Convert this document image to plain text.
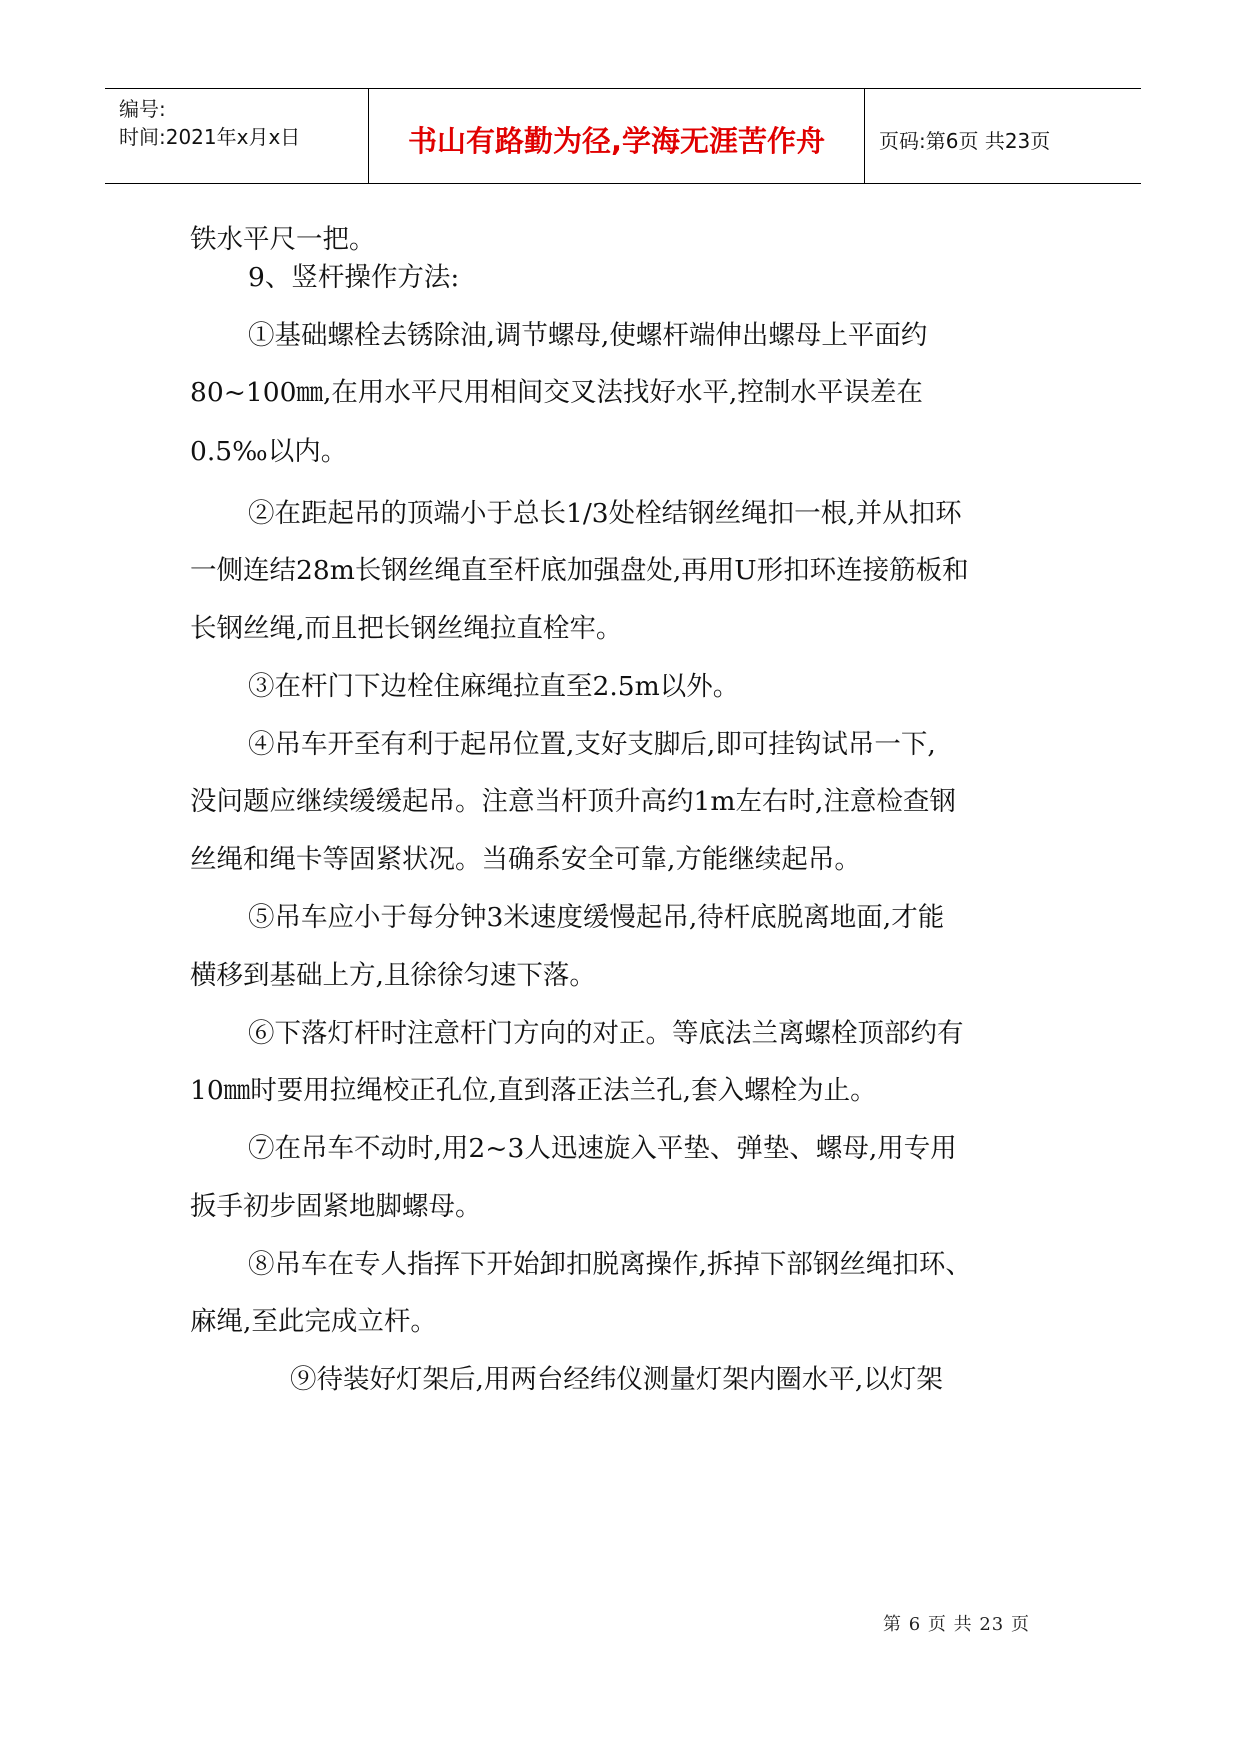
编号:
时间:2021年x月x日	书山有路勤为径,学海无涯苦作舟	页码:第6页 共23页

铁水平尺一把。

9、竖杆操作方法:

①基础螺栓去锈除油,调节螺母,使螺杆端伸出螺母上平面约

80~100㎜,在用水平尺用相间交叉法找好水平,控制水平误差在

0.5‰以内。

②在距起吊的顶端小于总长1/3处栓结钢丝绳扣一根,并从扣环

一侧连结28m长钢丝绳直至杆底加强盘处,再用U形扣环连接筋板和

长钢丝绳,而且把长钢丝绳拉直栓牢。

③在杆门下边栓住麻绳拉直至2.5m以外。

④吊车开至有利于起吊位置,支好支脚后,即可挂钩试吊一下,

没问题应继续缓缓起吊。注意当杆顶升高约1m左右时,注意检查钢

丝绳和绳卡等固紧状况。当确系安全可靠,方能继续起吊。

⑤吊车应小于每分钟3米速度缓慢起吊,待杆底脱离地面,才能

横移到基础上方,且徐徐匀速下落。

⑥下落灯杆时注意杆门方向的对正。等底法兰离螺栓顶部约有

10㎜时要用拉绳校正孔位,直到落正法兰孔,套入螺栓为止。

⑦在吊车不动时,用2~3人迅速旋入平垫、弹垫、螺母,用专用

扳手初步固紧地脚螺母。

⑧吊车在专人指挥下开始卸扣脱离操作,拆掉下部钢丝绳扣环、

麻绳,至此完成立杆。

⑨待装好灯架后,用两台经纬仪测量灯架内圈水平,以灯架

第 6 页 共 23 页
